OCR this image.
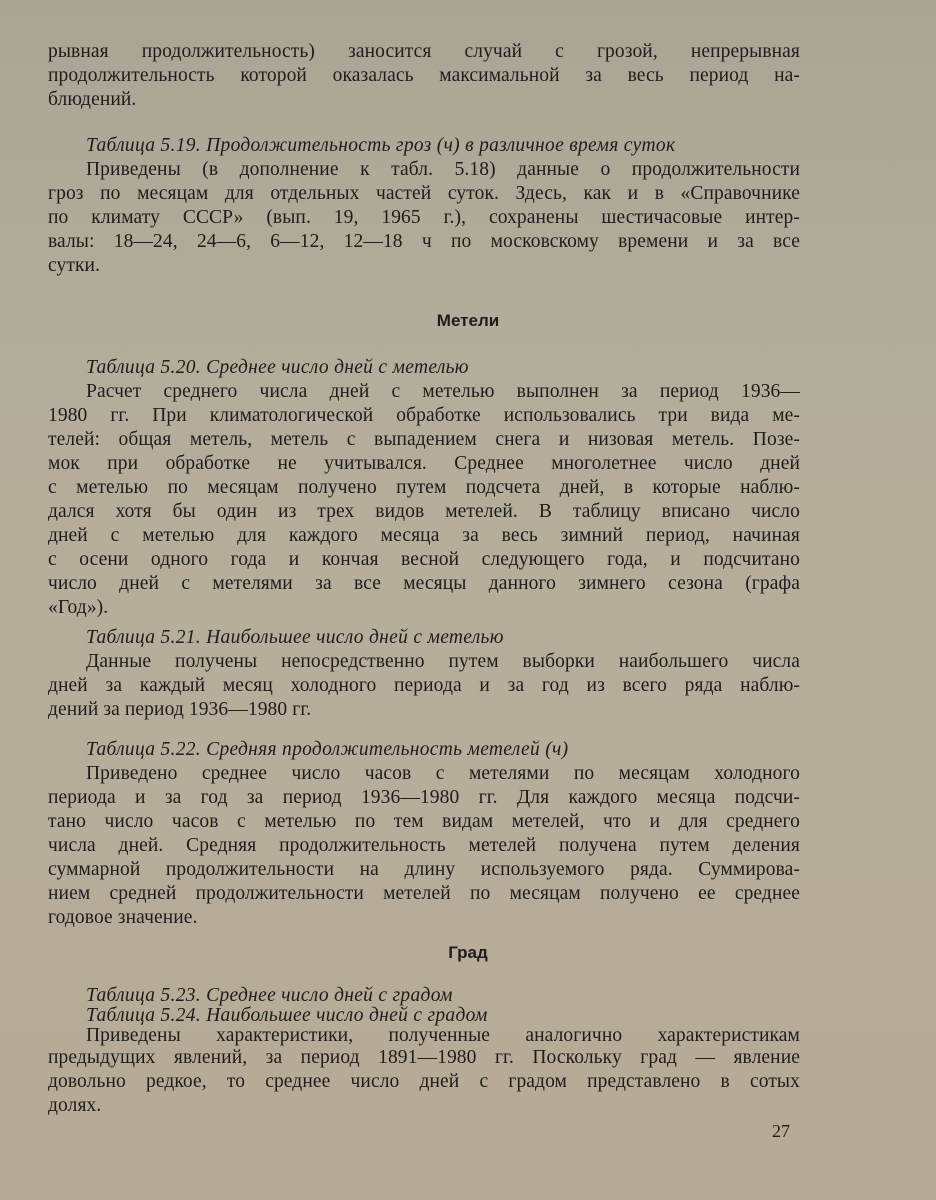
рывная продолжительность) заносится случай с грозой, непрерывная
продолжительность которой оказалась максимальной за весь период на-
блюдений.
Таблица 5.19. Продолжительность гроз (ч) в различное время суток
Приведены (в дополнение к табл. 5.18) данные о продолжительности
гроз по месяцам для отдельных частей суток. Здесь, как и в «Справочнике
по климату СССР» (вып. 19, 1965 г.), сохранены шестичасовые интер-
валы: 18—24, 24—6, 6—12, 12—18 ч по московскому времени и за все
сутки.
Метели
Таблица 5.20. Среднее число дней с метелью
Расчет среднего числа дней с метелью выполнен за период 1936—
1980 гг. При климатологической обработке использовались три вида ме-
телей: общая метель, метель с выпадением снега и низовая метель. Позе-
мок при обработке не учитывался. Среднее многолетнее число дней
с метелью по месяцам получено путем подсчета дней, в которые наблю-
дался хотя бы один из трех видов метелей. В таблицу вписано число
дней с метелью для каждого месяца за весь зимний период, начиная
с осени одного года и кончая весной следующего года, и подсчитано
число дней с метелями за все месяцы данного зимнего сезона (графа
«Год»).
Таблица 5.21. Наибольшее число дней с метелью
Данные получены непосредственно путем выборки наибольшего числа
дней за каждый месяц холодного периода и за год из всего ряда наблю-
дений за период 1936—1980 гг.
Таблица 5.22. Средняя продолжительность метелей (ч)
Приведено среднее число часов с метелями по месяцам холодного
периода и за год за период 1936—1980 гг. Для каждого месяца подсчи-
тано число часов с метелью по тем видам метелей, что и для среднего
числа дней. Средняя продолжительность метелей получена путем деления
суммарной продолжительности на длину используемого ряда. Суммирова-
нием средней продолжительности метелей по месяцам получено ее среднее
годовое значение.
Град
Таблица 5.23. Среднее число дней с градом
Таблица 5.24. Наибольшее число дней с градом
Приведены характеристики, полученные аналогично характеристикам
предыдущих явлений, за период 1891—1980 гг. Поскольку град — явление
довольно редкое, то среднее число дней с градом представлено в сотых
долях.
27
